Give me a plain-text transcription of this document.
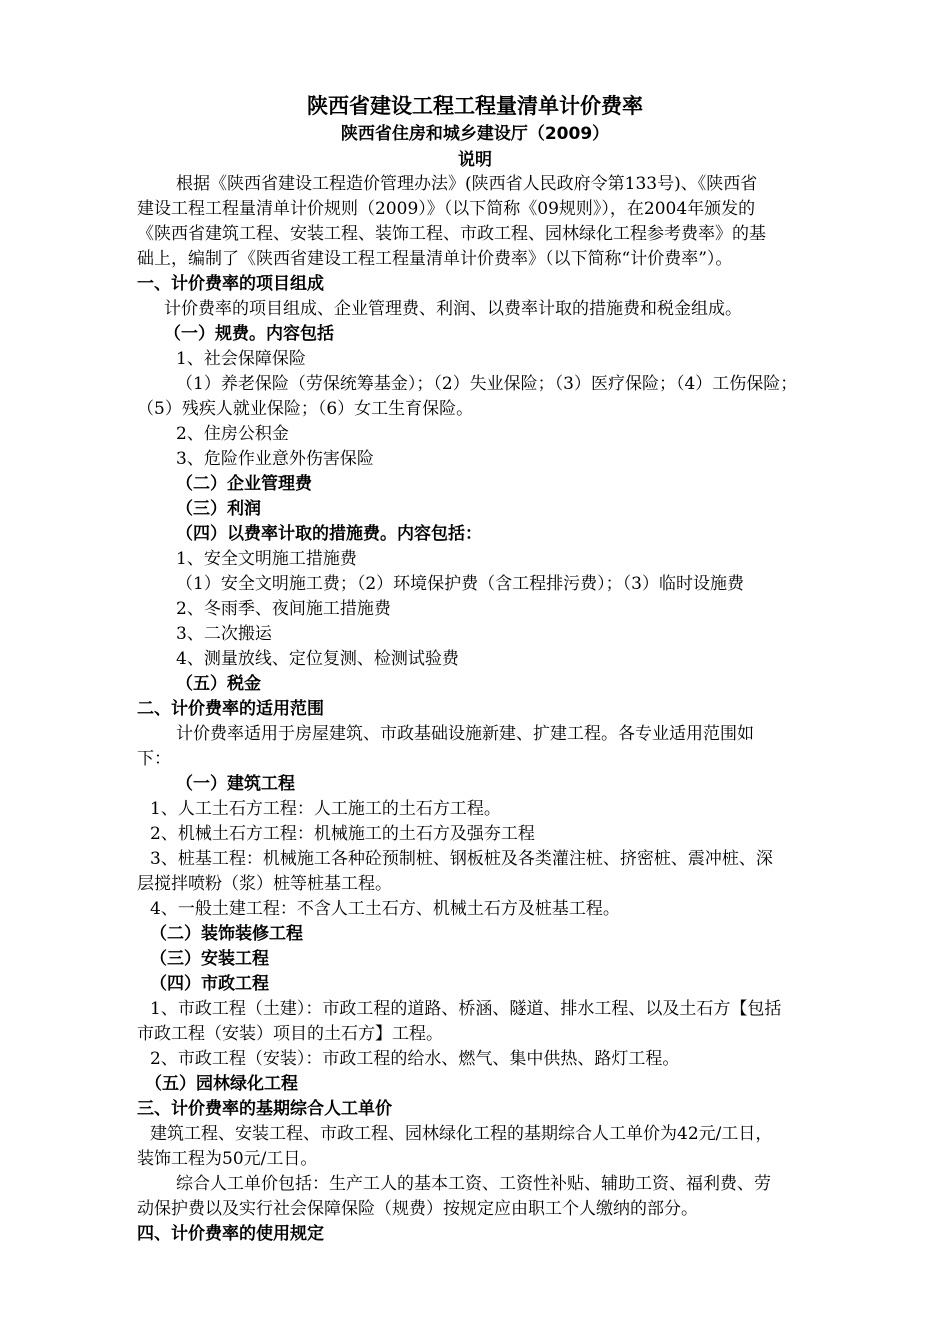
陕西省建设工程工程量清单计价费率
陕西省住房和城乡建设厅（2009）
说明
根据《陕西省建设工程造价管理办法》(陕西省人民政府令第133号)、《陕西省
建设工程工程量清单计价规则（2009）》（以下简称《09规则》），在2004年颁发的
《陕西省建筑工程、安装工程、装饰工程、市政工程、园林绿化工程参考费率》的基
础上，编制了《陕西省建设工程工程量清单计价费率》（以下简称“计价费率”）。
一、计价费率的项目组成
计价费率的项目组成、企业管理费、利润、以费率计取的措施费和税金组成。
（一）规费。内容包括
1、社会保障保险
（1）养老保险（劳保统筹基金）；（2）失业保险；（3）医疗保险；（4）工伤保险；
（5）残疾人就业保险；（6）女工生育保险。
2、住房公积金
3、危险作业意外伤害保险
（二）企业管理费
（三）利润
（四）以费率计取的措施费。内容包括：
1、安全文明施工措施费
（1）安全文明施工费；（2）环境保护费（含工程排污费）；（3）临时设施费
2、冬雨季、夜间施工措施费
3、二次搬运
4、测量放线、定位复测、检测试验费
（五）税金
二、计价费率的适用范围
计价费率适用于房屋建筑、市政基础设施新建、扩建工程。各专业适用范围如
下：
（一）建筑工程
1、人工土石方工程：人工施工的土石方工程。
2、机械土石方工程：机械施工的土石方及强夯工程
3、桩基工程：机械施工各种砼预制桩、钢板桩及各类灌注桩、挤密桩、震冲桩、深
层搅拌喷粉（浆）桩等桩基工程。
4、一般土建工程：不含人工土石方、机械土石方及桩基工程。
（二）装饰装修工程
（三）安装工程
（四）市政工程
1、市政工程（土建）：市政工程的道路、桥涵、隧道、排水工程、以及土石方【包括
市政工程（安装）项目的土石方】工程。
2、市政工程（安装）：市政工程的给水、燃气、集中供热、路灯工程。
（五）园林绿化工程
三、计价费率的基期综合人工单价
建筑工程、安装工程、市政工程、园林绿化工程的基期综合人工单价为42元/工日，
装饰工程为50元/工日。
综合人工单价包括：生产工人的基本工资、工资性补贴、辅助工资、福利费、劳
动保护费以及实行社会保障保险（规费）按规定应由职工个人缴纳的部分。
四、计价费率的使用规定
